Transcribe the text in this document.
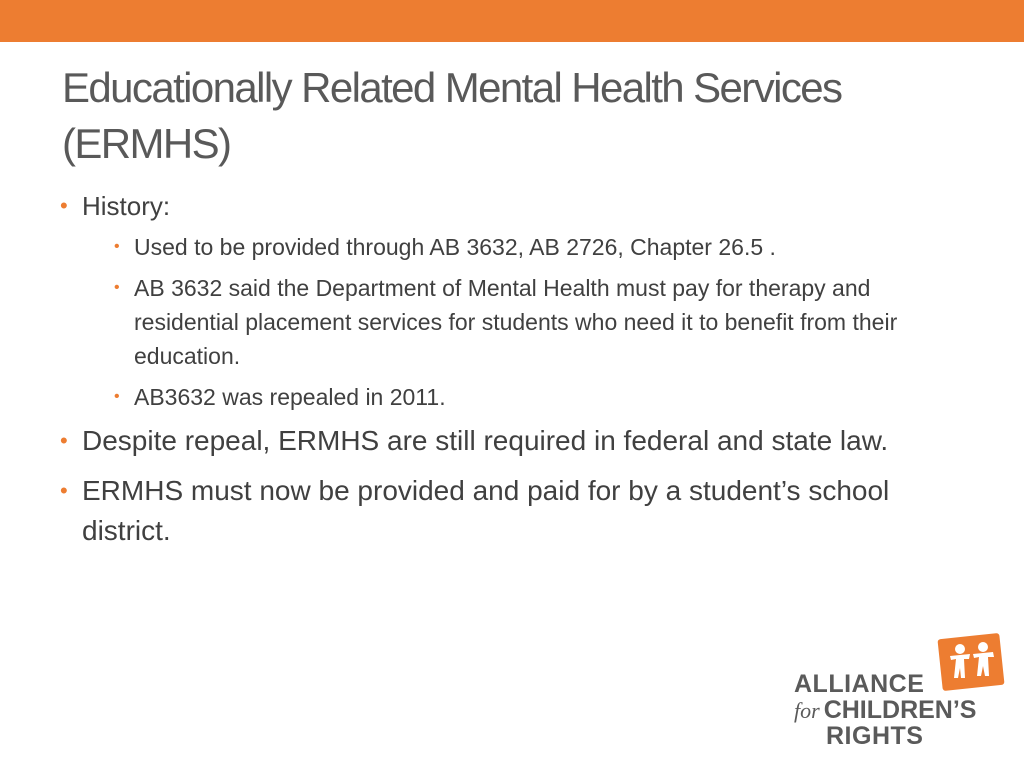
Educationally Related Mental Health Services (ERMHS)
• History:
• Used to be provided through AB 3632, AB 2726, Chapter 26.5 .
• AB 3632 said the Department of Mental Health must pay for therapy and residential placement services for students who need it to benefit from their education.
• AB3632 was repealed in 2011.
• Despite repeal, ERMHS are still required in federal and state law.
• ERMHS must now be provided and paid for by a student’s school district.
ALLIANCE
for CHILDREN’S
RIGHTS
